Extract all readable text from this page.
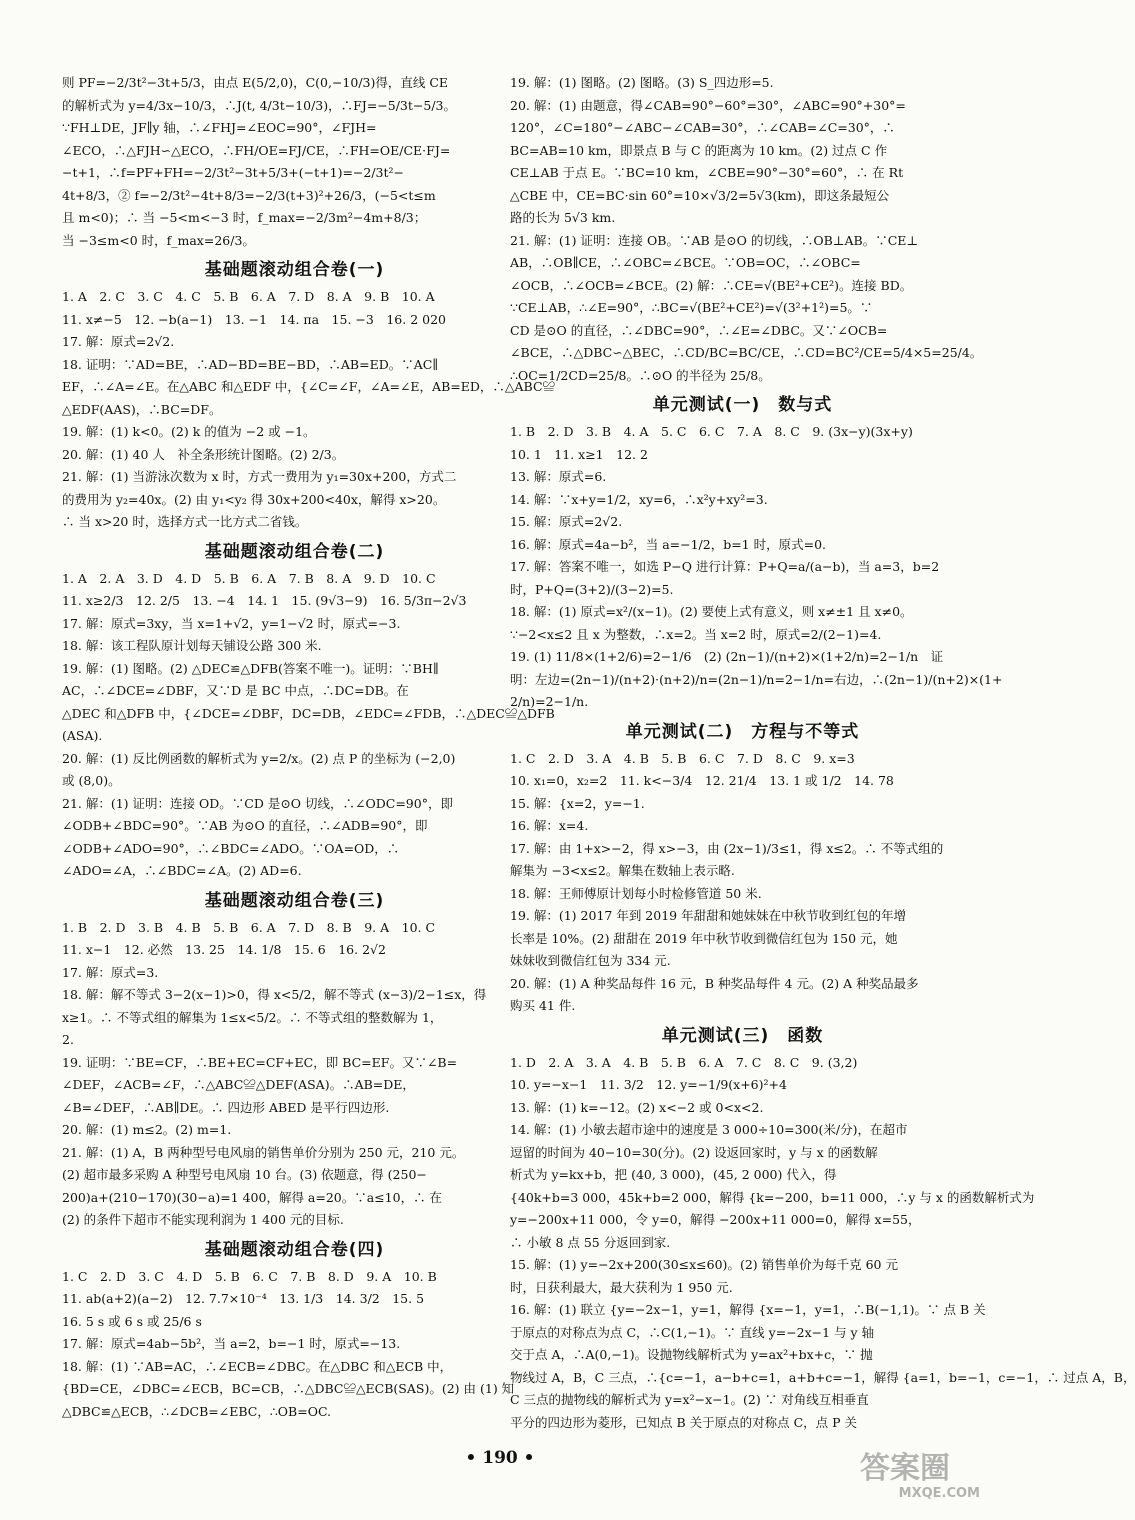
则 PF=−2/3t²−3t+5/3，由点 E(5/2,0)，C(0,−10/3)得，直线 CE
的解析式为 y=4/3x−10/3，∴J(t, 4/3t−10/3)，∴FJ=−5/3t−5/3。
∵FH⊥DE，JF∥y 轴，∴∠FHJ=∠EOC=90°，∠FJH=
∠ECO，∴△FJH∽△ECO，∴FH/OE=FJ/CE，∴FH=OE/CE·FJ=
−t+1，∴f=PF+FH=−2/3t²−3t+5/3+(−t+1)=−2/3t²−
4t+8/3，② f=−2/3t²−4t+8/3=−2/3(t+3)²+26/3，(−5<t≤m
且 m<0)；∴ 当 −5<m<−3 时，f_max=−2/3m²−4m+8/3；
当 −3≤m<0 时，f_max=26/3。
基础题滚动组合卷(一)
1. A　2. C　3. C　4. C　5. B　6. A　7. D　8. A　9. B　10. A
11. x≠−5　12. −b(a−1)　13. −1　14. πa　15. −3　16. 2 020
17. 解：原式=2√2.
18. 证明：∵AD=BE，∴AD−BD=BE−BD，∴AB=ED。∵AC∥
EF，∴∠A=∠E。在△ABC 和△EDF 中，{∠C=∠F，∠A=∠E，AB=ED，∴△ABC≌
△EDF(AAS)，∴BC=DF。
19. 解：(1) k<0。(2) k 的值为 −2 或 −1。
20. 解：(1) 40 人　补全条形统计图略。(2) 2/3。
21. 解：(1) 当游泳次数为 x 时，方式一费用为 y₁=30x+200，方式二
的费用为 y₂=40x。(2) 由 y₁<y₂ 得 30x+200<40x，解得 x>20。
∴ 当 x>20 时，选择方式一比方式二省钱。
基础题滚动组合卷(二)
1. A　2. A　3. D　4. D　5. B　6. A　7. B　8. A　9. D　10. C
11. x≥2/3　12. 2/5　13. −4　14. 1　15. (9√3−9)　16. 5/3π−2√3
17. 解：原式=3xy，当 x=1+√2，y=1−√2 时，原式=−3.
18. 解：该工程队原计划每天铺设公路 300 米.
19. 解：(1) 图略。(2) △DEC≌△DFB(答案不唯一)。证明：∵BH∥
AC，∴∠DCE=∠DBF，又∵D 是 BC 中点，∴DC=DB。在
△DEC 和△DFB 中，{∠DCE=∠DBF，DC=DB，∠EDC=∠FDB，∴△DEC≌△DFB
(ASA).
20. 解：(1) 反比例函数的解析式为 y=2/x。(2) 点 P 的坐标为 (−2,0)
或 (8,0)。
21. 解：(1) 证明：连接 OD。∵CD 是⊙O 切线，∴∠ODC=90°，即
∠ODB+∠BDC=90°。∵AB 为⊙O 的直径，∴∠ADB=90°，即
∠ODB+∠ADO=90°，∴∠BDC=∠ADO。∵OA=OD，∴
∠ADO=∠A，∴∠BDC=∠A。(2) AD=6.
基础题滚动组合卷(三)
1. B　2. D　3. B　4. B　5. B　6. A　7. D　8. B　9. A　10. C
11. x−1　12. 必然　13. 25　14. 1/8　15. 6　16. 2√2
17. 解：原式=3.
18. 解：解不等式 3−2(x−1)>0，得 x<5/2，解不等式 (x−3)/2−1≤x，得
x≥1。∴ 不等式组的解集为 1≤x<5/2。∴ 不等式组的整数解为 1，
2.
19. 证明：∵BE=CF，∴BE+EC=CF+EC，即 BC=EF。又∵∠B=
∠DEF，∠ACB=∠F，∴△ABC≌△DEF(ASA)。∴AB=DE，
∠B=∠DEF，∴AB∥DE。∴ 四边形 ABED 是平行四边形.
20. 解：(1) m≤2。(2) m=1.
21. 解：(1) A，B 两种型号电风扇的销售单价分别为 250 元，210 元。
(2) 超市最多采购 A 种型号电风扇 10 台。(3) 依题意，得 (250−
200)a+(210−170)(30−a)=1 400，解得 a=20。∵a≤10，∴ 在
(2) 的条件下超市不能实现利润为 1 400 元的目标.
基础题滚动组合卷(四)
1. C　2. D　3. C　4. D　5. B　6. C　7. B　8. D　9. A　10. B
11. ab(a+2)(a−2)　12. 7.7×10⁻⁴　13. 1/3　14. 3/2　15. 5
16. 5 s 或 6 s 或 25/6 s
17. 解：原式=4ab−5b²，当 a=2，b=−1 时，原式=−13.
18. 解：(1) ∵AB=AC，∴∠ECB=∠DBC。在△DBC 和△ECB 中，
{BD=CE，∠DBC=∠ECB，BC=CB，∴△DBC≌△ECB(SAS)。(2) 由 (1) 知
△DBC≌△ECB，∴∠DCB=∠EBC，∴OB=OC.
19. 解：(1) 图略。(2) 图略。(3) S_四边形=5.
20. 解：(1) 由题意，得∠CAB=90°−60°=30°，∠ABC=90°+30°=
120°，∠C=180°−∠ABC−∠CAB=30°，∴∠CAB=∠C=30°，∴
BC=AB=10 km，即景点 B 与 C 的距离为 10 km。(2) 过点 C 作
CE⊥AB 于点 E。∵BC=10 km，∠CBE=90°−30°=60°，∴ 在 Rt
△CBE 中，CE=BC·sin 60°=10×√3/2=5√3(km)，即这条最短公
路的长为 5√3 km.
21. 解：(1) 证明：连接 OB。∵AB 是⊙O 的切线，∴OB⊥AB。∵CE⊥
AB，∴OB∥CE，∴∠OBC=∠BCE。∵OB=OC，∴∠OBC=
∠OCB，∴∠OCB=∠BCE。(2) 解：∴CE=√(BE²+CE²)。连接 BD。
∵CE⊥AB，∴∠E=90°，∴BC=√(BE²+CE²)=√(3²+1²)=5。∵
CD 是⊙O 的直径，∴∠DBC=90°，∴∠E=∠DBC。又∵∠OCB=
∠BCE，∴△DBC∽△BEC，∴CD/BC=BC/CE，∴CD=BC²/CE=5/4×5=25/4。
∴OC=1/2CD=25/8。∴⊙O 的半径为 25/8。
单元测试(一)　数与式
1. B　2. D　3. B　4. A　5. C　6. C　7. A　8. C　9. (3x−y)(3x+y)
10. 1　11. x≥1　12. 2
13. 解：原式=6.
14. 解：∵x+y=1/2，xy=6，∴x²y+xy²=3.
15. 解：原式=2√2.
16. 解：原式=4a−b²，当 a=−1/2，b=1 时，原式=0.
17. 解：答案不唯一，如选 P−Q 进行计算：P+Q=a/(a−b)，当 a=3，b=2
时，P+Q=(3+2)/(3−2)=5.
18. 解：(1) 原式=x²/(x−1)。(2) 要使上式有意义，则 x≠±1 且 x≠0。
∵−2<x≤2 且 x 为整数，∴x=2。当 x=2 时，原式=2/(2−1)=4.
19. (1) 11/8×(1+2/6)=2−1/6　(2) (2n−1)/(n+2)×(1+2/n)=2−1/n　证
明：左边=(2n−1)/(n+2)·(n+2)/n=(2n−1)/n=2−1/n=右边，∴(2n−1)/(n+2)×(1+
2/n)=2−1/n.
单元测试(二)　方程与不等式
1. C　2. D　3. A　4. B　5. B　6. C　7. D　8. C　9. x=3
10. x₁=0，x₂=2　11. k<−3/4　12. 21/4　13. 1 或 1/2　14. 78
15. 解：{x=2，y=−1.
16. 解：x=4.
17. 解：由 1+x>−2，得 x>−3，由 (2x−1)/3≤1，得 x≤2。∴ 不等式组的
解集为 −3<x≤2。解集在数轴上表示略.
18. 解：王师傅原计划每小时检修管道 50 米.
19. 解：(1) 2017 年到 2019 年甜甜和她妹妹在中秋节收到红包的年增
长率是 10%。(2) 甜甜在 2019 年中秋节收到微信红包为 150 元，她
妹妹收到微信红包为 334 元.
20. 解：(1) A 种奖品每件 16 元，B 种奖品每件 4 元。(2) A 种奖品最多
购买 41 件.
单元测试(三)　函数
1. D　2. A　3. A　4. B　5. B　6. A　7. C　8. C　9. (3,2)
10. y=−x−1　11. 3/2　12. y=−1/9(x+6)²+4
13. 解：(1) k=−12。(2) x<−2 或 0<x<2.
14. 解：(1) 小敏去超市途中的速度是 3 000÷10=300(米/分)，在超市
逗留的时间为 40−10=30(分)。(2) 设返回家时，y 与 x 的函数解
析式为 y=kx+b，把 (40, 3 000)，(45, 2 000) 代入，得
{40k+b=3 000，45k+b=2 000，解得 {k=−200，b=11 000，∴y 与 x 的函数解析式为
y=−200x+11 000，令 y=0，解得 −200x+11 000=0，解得 x=55，
∴ 小敏 8 点 55 分返回到家.
15. 解：(1) y=−2x+200(30≤x≤60)。(2) 销售单价为每千克 60 元
时，日获利最大，最大获利为 1 950 元.
16. 解：(1) 联立 {y=−2x−1，y=1，解得 {x=−1，y=1，∴B(−1,1)。∵ 点 B 关
于原点的对称点为点 C，∴C(1,−1)。∵ 直线 y=−2x−1 与 y 轴
交于点 A，∴A(0,−1)。设抛物线解析式为 y=ax²+bx+c，∵ 抛
物线过 A，B，C 三点，∴{c=−1，a−b+c=1，a+b+c=−1，解得 {a=1，b=−1，c=−1，∴ 过点 A，B，
C 三点的抛物线的解析式为 y=x²−x−1。(2) ∵ 对角线互相垂直
平分的四边形为菱形，已知点 B 关于原点的对称点 C，点 P 关
• 190 •	答案圈
MXQE.COM
